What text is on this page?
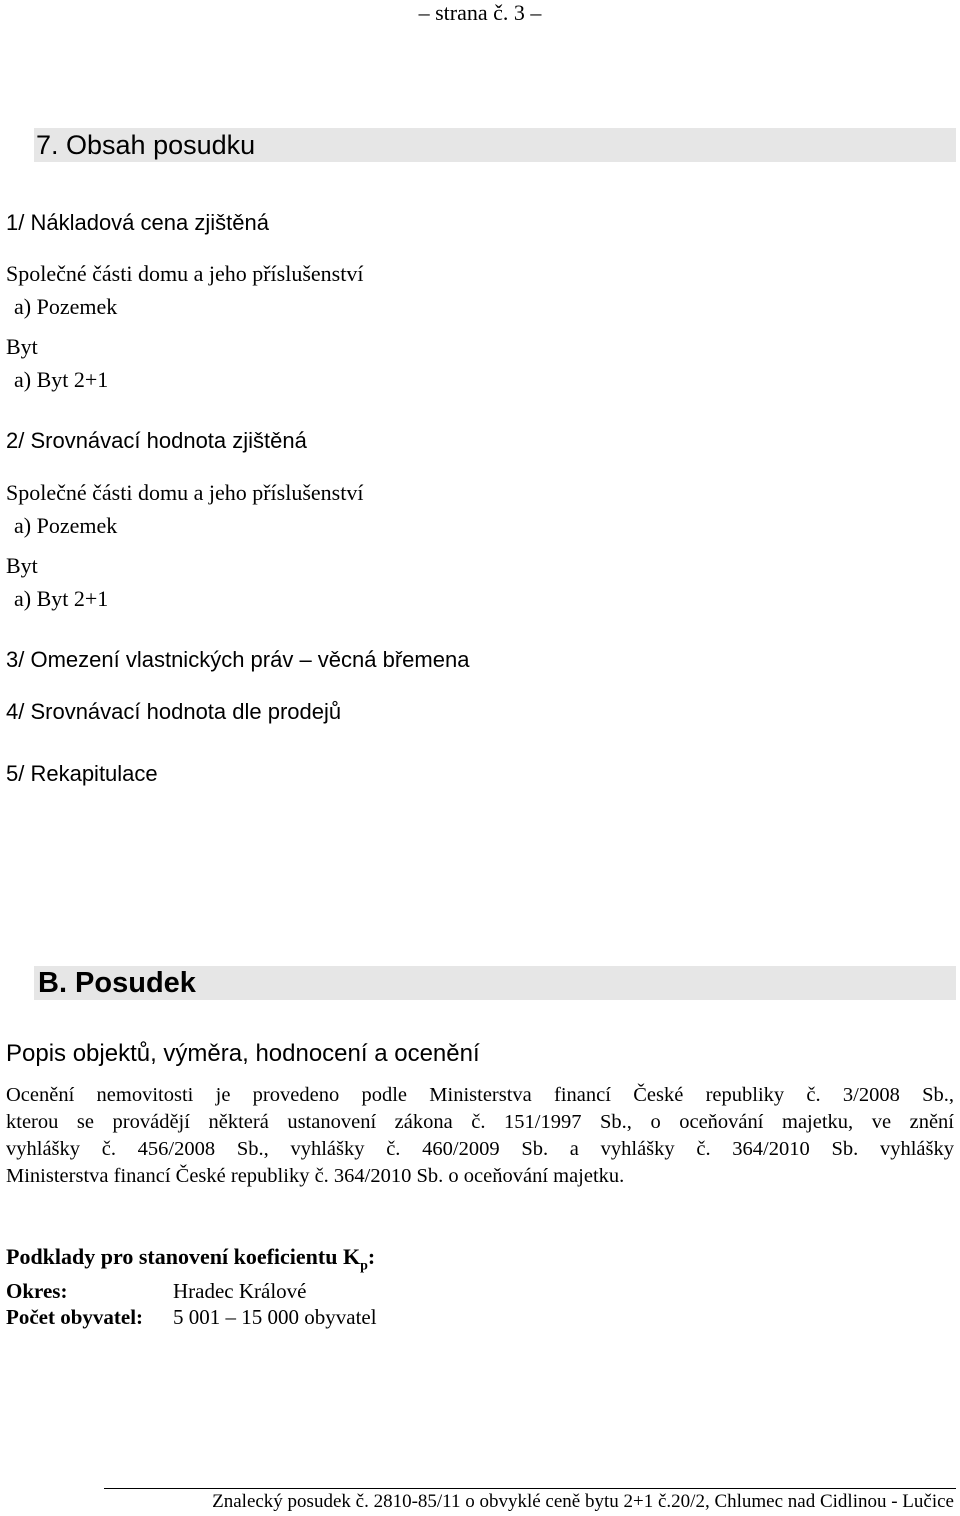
– strana č. 3 –
7. Obsah posudku
1/ Nákladová cena zjištěná
Společné části domu a jeho příslušenství
a) Pozemek
Byt
a) Byt 2+1
2/ Srovnávací hodnota zjištěná
Společné části domu a jeho příslušenství
a) Pozemek
Byt
a) Byt 2+1
3/ Omezení vlastnických práv – věcná břemena
4/ Srovnávací hodnota dle prodejů
5/ Rekapitulace
B. Posudek
Popis objektů, výměra, hodnocení a ocenění
Ocenění nemovitosti je provedeno podle Ministerstva financí České republiky č. 3/2008 Sb.,
kterou se provádějí některá ustanovení zákona č. 151/1997 Sb., o oceňování majetku, ve znění
vyhlášky č. 456/2008 Sb., vyhlášky č. 460/2009 Sb. a vyhlášky č. 364/2010 Sb. vyhlášky
Ministerstva financí České republiky č. 364/2010 Sb. o oceňování majetku.
Podklady pro stanovení koeficientu $K_p$:
Okres:	Hradec Králové
Počet obyvatel: 5 001 – 15 000 obyvatel
Znalecký posudek č. 2810-85/11 o obvyklé ceně bytu 2+1 č.20/2, Chlumec nad Cidlinou - Lučice
